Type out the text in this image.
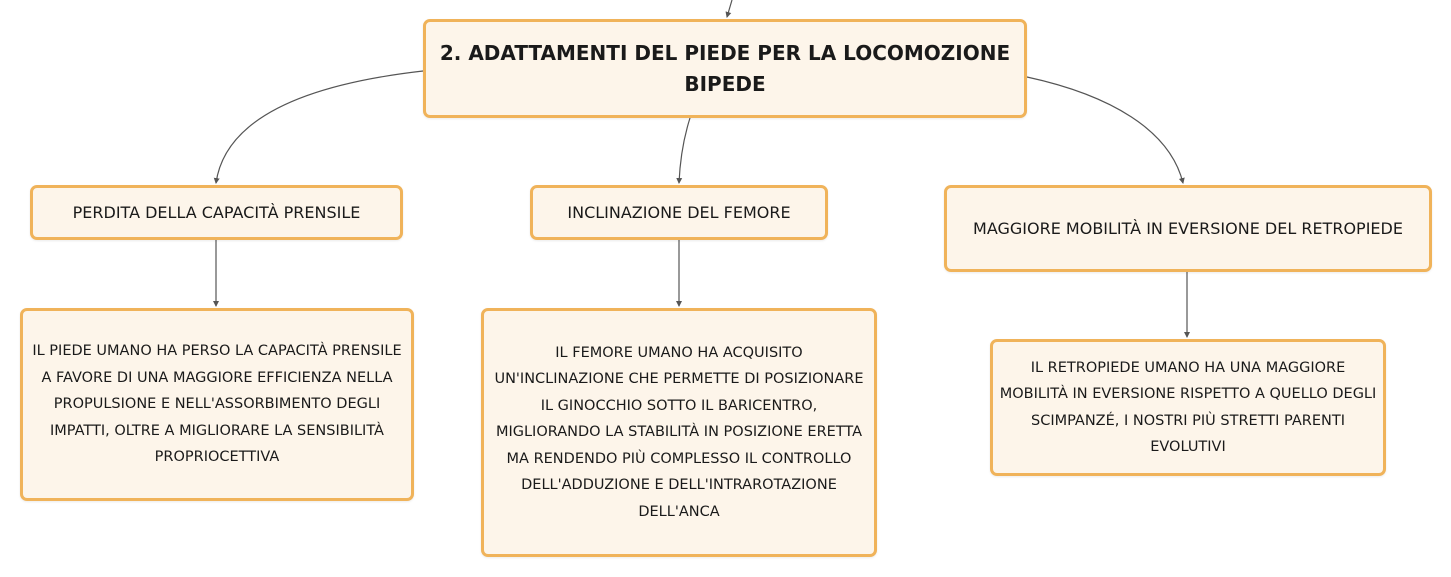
2. ADATTAMENTI DEL PIEDE PER LA LOCOMOZIONE BIPEDE
PERDITA DELLA CAPACITÀ PRENSILE	INCLINAZIONE DEL FEMORE
MAGGIORE MOBILITÀ IN EVERSIONE DEL RETROPIEDE
IL PIEDE UMANO HA PERSO LA CAPACITÀ PRENSILE A FAVORE DI UNA MAGGIORE EFFICIENZA NELLA PROPULSIONE E NELL'ASSORBIMENTO DEGLI IMPATTI, OLTRE A MIGLIORARE LA SENSIBILITÀ PROPRIOCETTIVA
IL FEMORE UMANO HA ACQUISITO UN'INCLINAZIONE CHE PERMETTE DI POSIZIONARE IL GINOCCHIO SOTTO IL BARICENTRO, MIGLIORANDO LA STABILITÀ IN POSIZIONE ERETTA MA RENDENDO PIÙ COMPLESSO IL CONTROLLO DELL'ADDUZIONE E DELL'INTRAROTAZIONE DELL'ANCA
IL RETROPIEDE UMANO HA UNA MAGGIORE MOBILITÀ IN EVERSIONE RISPETTO A QUELLO DEGLI SCIMPANZÉ, I NOSTRI PIÙ STRETTI PARENTI EVOLUTIVI
